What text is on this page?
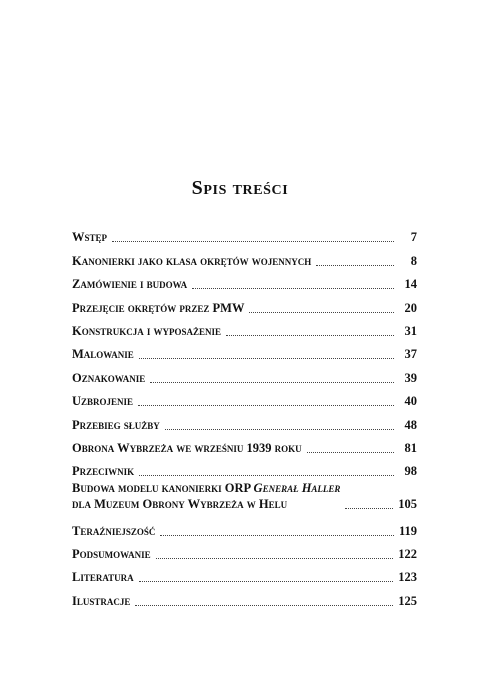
Spis treści
Wstęp	7
Kanonierki jako klasa okrętów wojennych	8
Zamówienie i budowa	14
Przejęcie okrętów przez PMW	20
Konstrukcja i wyposażenie	31
Malowanie	37
Oznakowanie	39
Uzbrojenie	40
Przebieg służby	48
Obrona Wybrzeża we wrześniu 1939 roku	81
Przeciwnik	98
Budowa modelu kanonierki ORP Generał Haller
dla Muzeum Obrony Wybrzeża w Helu	105
Teraźniejszość	119
Podsumowanie	122
Literatura	123
Ilustracje	125
